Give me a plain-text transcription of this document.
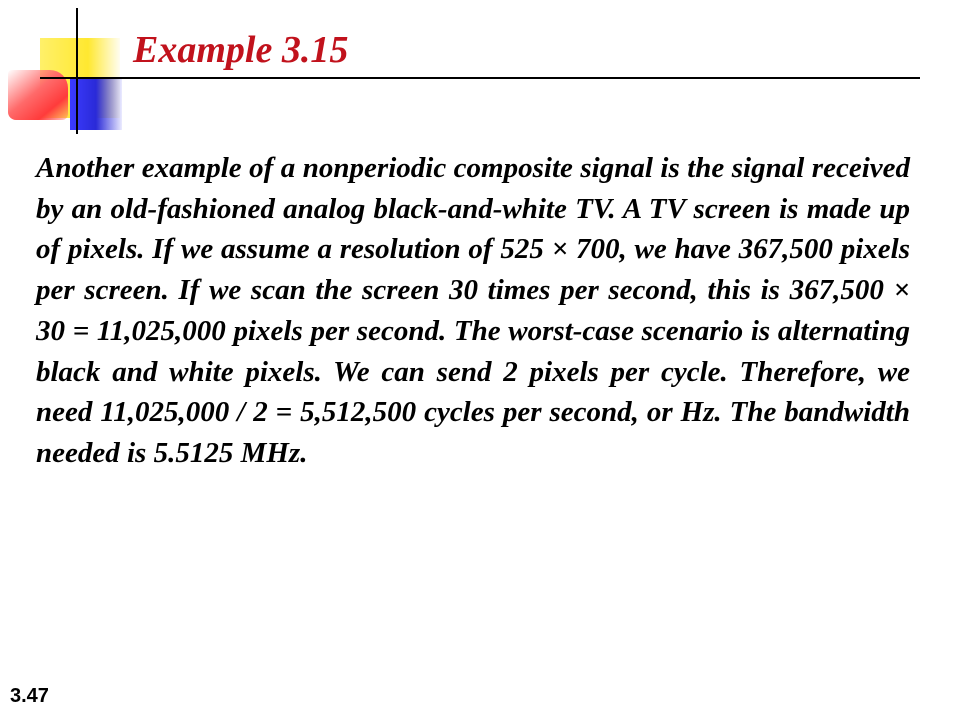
Example 3.15

Another example of a nonperiodic composite signal is the signal received by an old-fashioned analog black-and-white TV. A TV screen is made up of pixels. If we assume a resolution of 525 × 700, we have 367,500 pixels per screen. If we scan the screen 30 times per second, this is 367,500 × 30 = 11,025,000 pixels per second. The worst-case scenario is alternating black and white pixels. We can send 2 pixels per cycle. Therefore, we need 11,025,000 / 2 = 5,512,500 cycles per second, or Hz. The bandwidth needed is 5.5125 MHz.

3.47
